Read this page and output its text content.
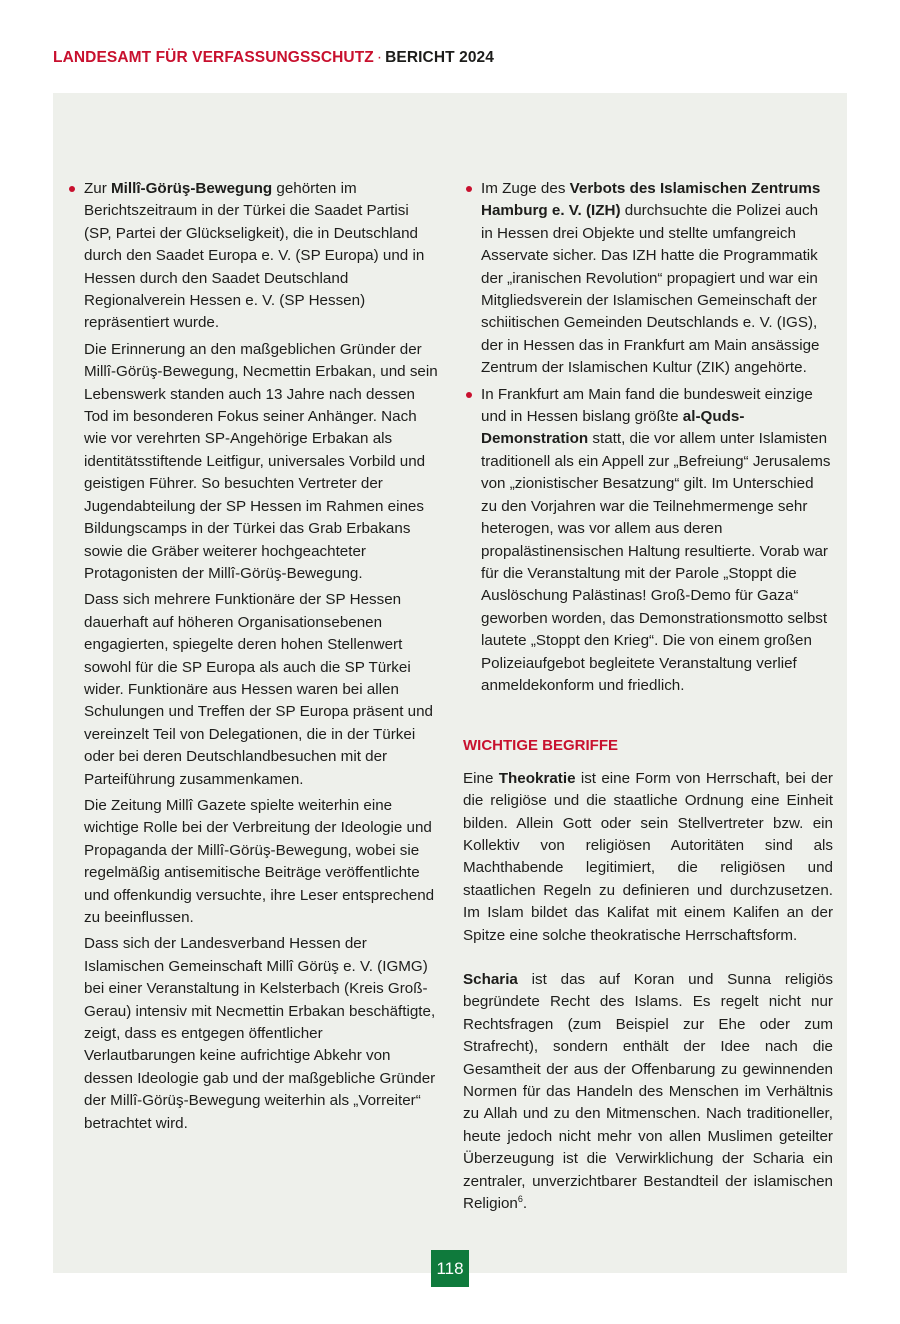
LANDESAMT FÜR VERFASSUNGSSCHUTZ · BERICHT 2024
Zur Millî-Görüş-Bewegung gehörten im Berichtszeitraum in der Türkei die Saadet Partisi (SP, Partei der Glückseligkeit), die in Deutschland durch den Saadet Europa e. V. (SP Europa) und in Hessen durch den Saadet Deutschland Regionalverein Hessen e. V. (SP Hessen) repräsentiert wurde.

Die Erinnerung an den maßgeblichen Gründer der Millî-Görüş-Bewegung, Necmettin Erbakan, und sein Lebenswerk standen auch 13 Jahre nach dessen Tod im besonderen Fokus seiner Anhänger. Nach wie vor verehrten SP-Angehörige Erbakan als identitätsstiftende Leitfigur, universales Vorbild und geistigen Führer. So besuchten Vertreter der Jugendabteilung der SP Hessen im Rahmen eines Bildungscamps in der Türkei das Grab Erbakans sowie die Gräber weiterer hochgeachteter Protagonisten der Millî-Görüş-Bewegung.

Dass sich mehrere Funktionäre der SP Hessen dauerhaft auf höheren Organisationsebenen engagierten, spiegelte deren hohen Stellenwert sowohl für die SP Europa als auch die SP Türkei wider. Funktionäre aus Hessen waren bei allen Schulungen und Treffen der SP Europa präsent und vereinzelt Teil von Delegationen, die in der Türkei oder bei deren Deutschlandbesuchen mit der Parteiführung zusammenkamen.

Die Zeitung Millî Gazete spielte weiterhin eine wichtige Rolle bei der Verbreitung der Ideologie und Propaganda der Millî-Görüş-Bewegung, wobei sie regelmäßig antisemitische Beiträge veröffentlichte und offenkundig versuchte, ihre Leser entsprechend zu beeinflussen.

Dass sich der Landesverband Hessen der Islamischen Gemeinschaft Millî Görüş e. V. (IGMG) bei einer Veranstaltung in Kelsterbach (Kreis Groß-Gerau) intensiv mit Necmettin Erbakan beschäftigte, zeigt, dass es entgegen öffentlicher Verlautbarungen keine aufrichtige Abkehr von dessen Ideologie gab und der maßgebliche Gründer der Millî-Görüş-Bewegung weiterhin als „Vorreiter“ betrachtet wird.

Im Zuge des Verbots des Islamischen Zentrums Hamburg e. V. (IZH) durchsuchte die Polizei auch in Hessen drei Objekte und stellte umfangreich Asservate sicher. Das IZH hatte die Programmatik der „iranischen Revolution“ propagiert und war ein Mitgliedsverein der Islamischen Gemeinschaft der schiitischen Gemeinden Deutschlands e. V. (IGS), der in Hessen das in Frankfurt am Main ansässige Zentrum der Islamischen Kultur (ZIK) angehörte.
In Frankfurt am Main fand die bundesweit einzige und in Hessen bislang größte al-Quds-Demonstration statt, die vor allem unter Islamisten traditionell als ein Appell zur „Befreiung“ Jerusalems von „zionistischer Besatzung“ gilt. Im Unterschied zu den Vorjahren war die Teilnehmermenge sehr heterogen, was vor allem aus deren propalästinensischen Haltung resultierte. Vorab war für die Veranstaltung mit der Parole „Stoppt die Auslöschung Palästinas! Groß-Demo für Gaza“ geworben worden, das Demonstrationsmotto selbst lautete „Stoppt den Krieg“. Die von einem großen Polizeiaufgebot begleitete Veranstaltung verlief anmeldekonform und friedlich.
WICHTIGE BEGRIFFE

Eine Theokratie ist eine Form von Herrschaft, bei der die religiöse und die staatliche Ordnung eine Einheit bilden. Allein Gott oder sein Stellvertreter bzw. ein Kollektiv von religiösen Autoritäten sind als Machthabende legitimiert, die religiösen und staatlichen Regeln zu definieren und durchzusetzen. Im Islam bildet das Kalifat mit einem Kalifen an der Spitze eine solche theokratische Herrschaftsform.

Scharia ist das auf Koran und Sunna religiös begründete Recht des Islams. Es regelt nicht nur Rechtsfragen (zum Beispiel zur Ehe oder zum Strafrecht), sondern enthält der Idee nach die Gesamtheit der aus der Offenbarung zu gewinnenden Normen für das Handeln des Menschen im Verhältnis zu Allah und zu den Mitmenschen. Nach traditioneller, heute jedoch nicht mehr von allen Muslimen geteilter Überzeugung ist die Verwirklichung der Scharia ein zentraler, unverzichtbarer Bestandteil der islamischen Religion$^6$.

118
